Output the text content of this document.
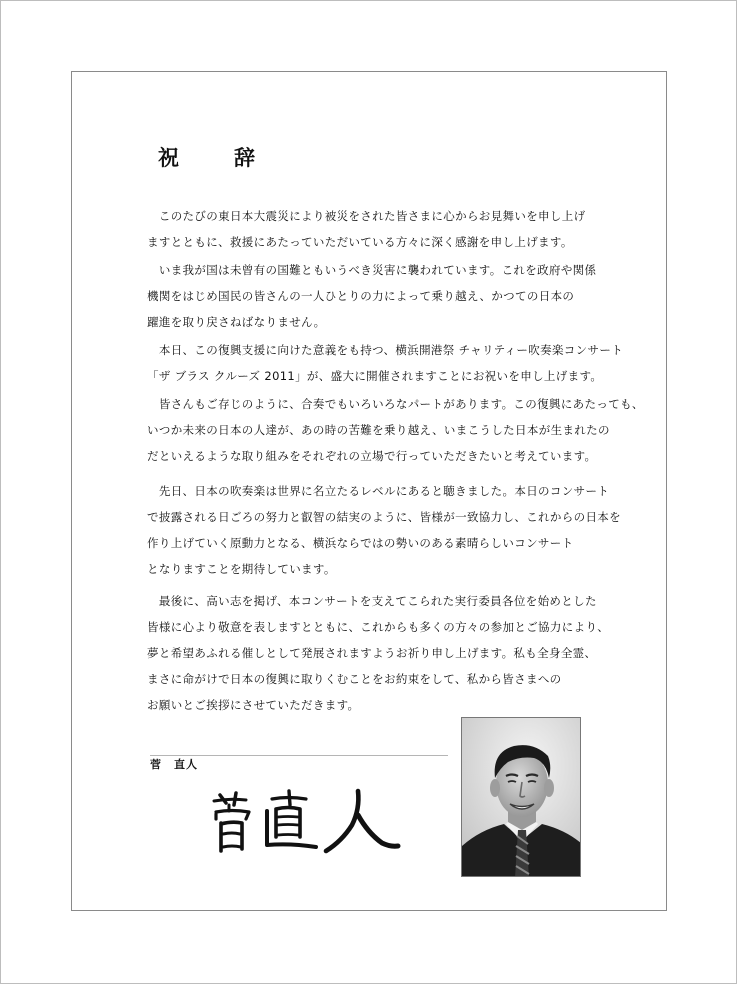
祝　辞

　このたびの東日本大震災により被災をされた皆さまに心からお見舞いを申し上げ
ますとともに、救援にあたっていただいている方々に深く感謝を申し上げます。

　いま我が国は未曾有の国難ともいうべき災害に襲われています。これを政府や関係
機関をはじめ国民の皆さんの一人ひとりの力によって乗り越え、かつての日本の
躍進を取り戻さねばなりません。

　本日、この復興支援に向けた意義をも持つ、横浜開港祭 チャリティー吹奏楽コンサート
「ザ ブラス クルーズ 2011」が、盛大に開催されますことにお祝いを申し上げます。

　皆さんもご存じのように、合奏でもいろいろなパートがあります。この復興にあたっても、
いつか未来の日本の人達が、あの時の苦難を乗り越え、いまこうした日本が生まれたの
だといえるような取り組みをそれぞれの立場で行っていただきたいと考えています。

　先日、日本の吹奏楽は世界に名立たるレベルにあると聴きました。本日のコンサート
で披露される日ごろの努力と叡智の結実のように、皆様が一致協力し、これからの日本を
作り上げていく原動力となる、横浜ならではの勢いのある素晴らしいコンサート
となりますことを期待しています。

　最後に、高い志を掲げ、本コンサートを支えてこられた実行委員各位を始めとした
皆様に心より敬意を表しますとともに、これからも多くの方々の参加とご協力により、
夢と希望あふれる催しとして発展されますようお祈り申し上げます。私も全身全霊、
まさに命がけで日本の復興に取りくむことをお約束をして、私から皆さまへの
お願いとご挨拶にさせていただきます。

菅　直人
